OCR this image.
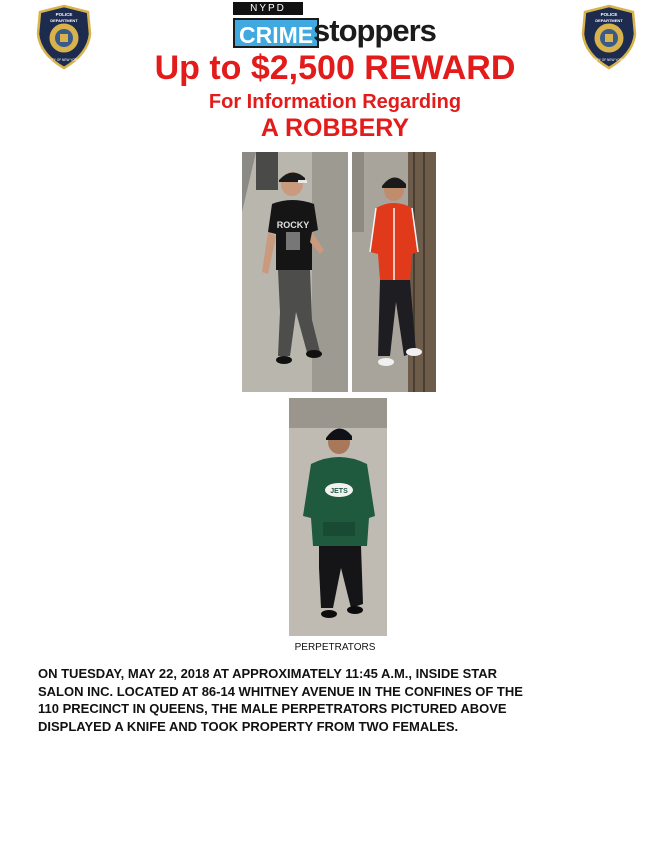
POLICE
DEPARTMENT
CITY OF NEW YORK
NYPD
CRIME stoppers	POLICE
DEPARTMENT
CITY OF NEW YORK
Up to $2,500 REWARD
For Information Regarding
A ROBBERY
ROCKY
JETS
PERPETRATORS
ON TUESDAY, MAY 22, 2018 AT APPROXIMATELY 11:45 A.M., INSIDE STAR
SALON INC. LOCATED AT 86-14 WHITNEY AVENUE IN THE CONFINES OF THE
110 PRECINCT IN QUEENS, THE MALE PERPETRATORS PICTURED ABOVE
DISPLAYED A KNIFE AND TOOK PROPERTY FROM TWO FEMALES.
